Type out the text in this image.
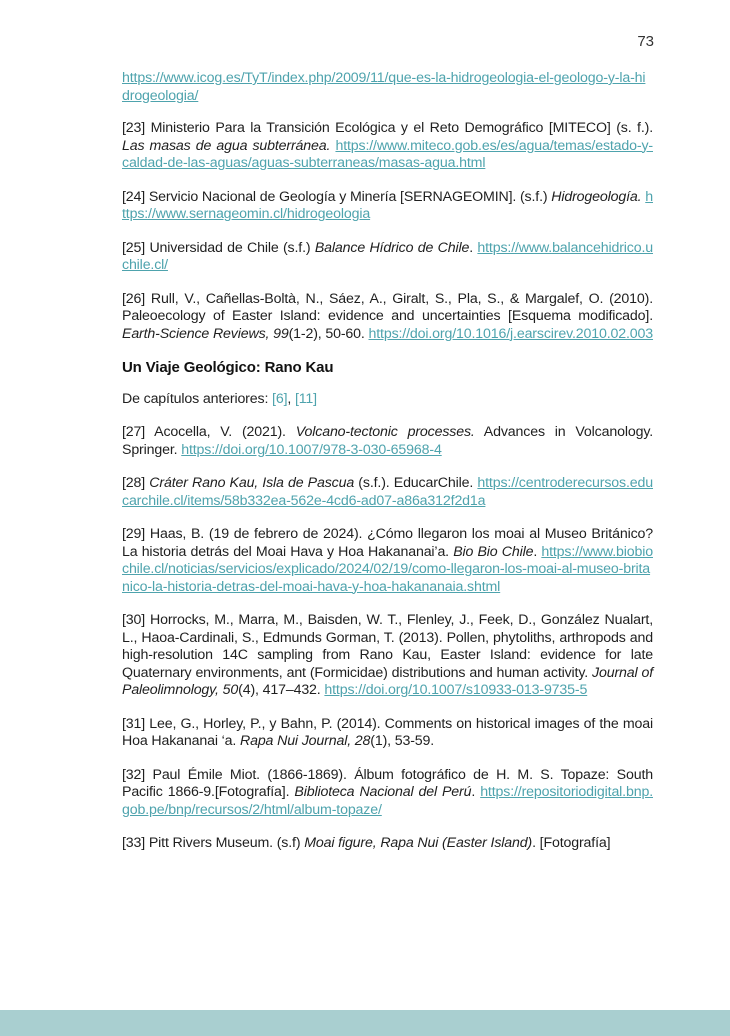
73

https://www.icog.es/TyT/index.php/2009/11/que-es-la-hidrogeologia-el-geologo-y-la-hidrogeologia/

[23] Ministerio Para la Transición Ecológica y el Reto Demográfico [MITECO] (s. f.). Las masas de agua subterránea. https://www.miteco.gob.es/es/agua/temas/estado-y-caldad-de-las-aguas/aguas-subterraneas/masas-agua.html

[24] Servicio Nacional de Geología y Minería [SERNAGEOMIN]. (s.f.) Hidrogeología. https://www.sernageomin.cl/hidrogeologia

[25] Universidad de Chile (s.f.) Balance Hídrico de Chile. https://www.balancehidrico.uchile.cl/

[26] Rull, V., Cañellas-Boltà, N., Sáez, A., Giralt, S., Pla, S., & Margalef, O. (2010). Paleoecology of Easter Island: evidence and uncertainties [Esquema modificado]. Earth-Science Reviews, 99(1-2), 50-60. https://doi.org/10.1016/j.earscirev.2010.02.003

Un Viaje Geológico: Rano Kau

De capítulos anteriores: [6], [11]

[27] Acocella, V. (2021). Volcano-tectonic processes. Advances in Volcanology. Springer. https://doi.org/10.1007/978-3-030-65968-4

[28] Cráter Rano Kau, Isla de Pascua (s.f.). EducarChile. https://centroderecursos.educarchile.cl/items/58b332ea-562e-4cd6-ad07-a86a312f2d1a

[29] Haas, B. (19 de febrero de 2024). ¿Cómo llegaron los moai al Museo Británico? La historia detrás del Moai Hava y Hoa Hakananai’a. Bio Bio Chile. https://www.biobiochile.cl/noticias/servicios/explicado/2024/02/19/como-llegaron-los-moai-al-museo-britanico-la-historia-detras-del-moai-hava-y-hoa-hakananaia.shtml

[30] Horrocks, M., Marra, M., Baisden, W. T., Flenley, J., Feek, D., González Nualart, L., Haoa-Cardinali, S., Edmunds Gorman, T. (2013). Pollen, phytoliths, arthropods and high-resolution 14C sampling from Rano Kau, Easter Island: evidence for late Quaternary environments, ant (Formicidae) distributions and human activity. Journal of Paleolimnology, 50(4), 417–432. https://doi.org/10.1007/s10933-013-9735-5

[31] Lee, G., Horley, P., y Bahn, P. (2014). Comments on historical images of the moai Hoa Hakananai ‘a. Rapa Nui Journal, 28(1), 53-59.

[32] Paul Émile Miot. (1866-1869). Álbum fotográfico de H. M. S. Topaze: South Pacific 1866-9.[Fotografía]. Biblioteca Nacional del Perú. https://repositoriodigital.bnp.gob.pe/bnp/recursos/2/html/album-topaze/

[33] Pitt Rivers Museum. (s.f) Moai figure, Rapa Nui (Easter Island). [Fotografía]
